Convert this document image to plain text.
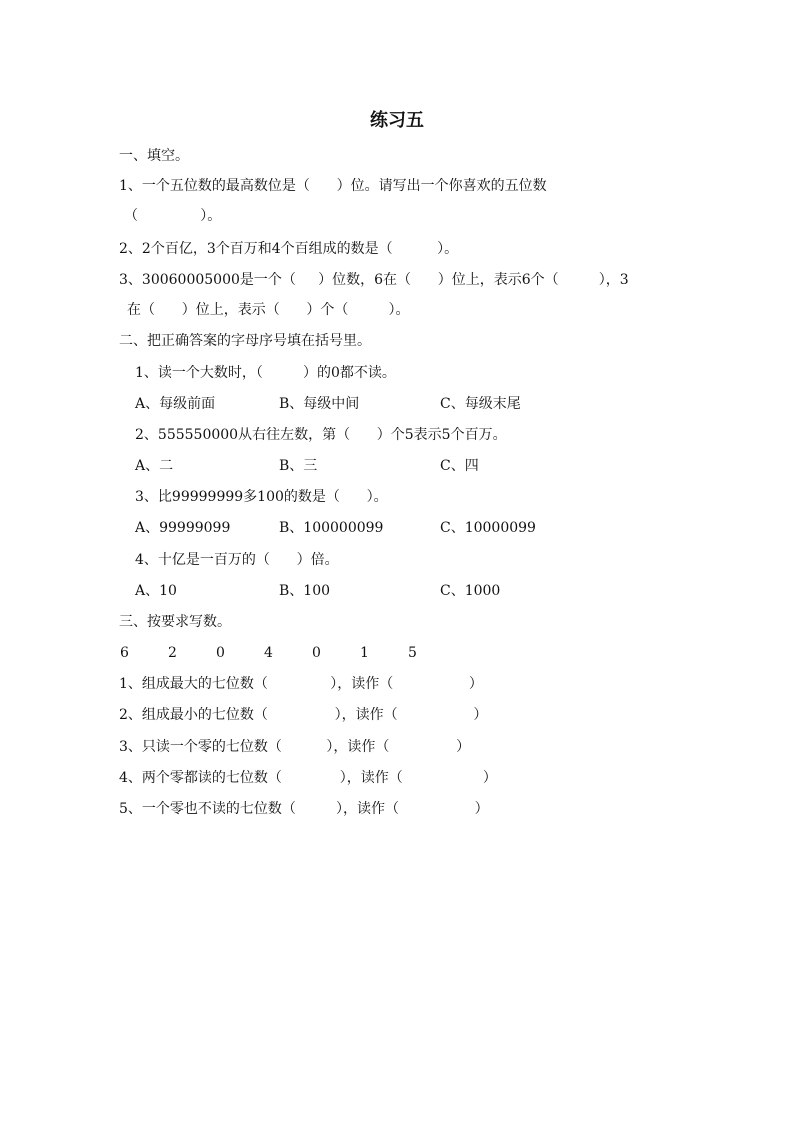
练习五
一、填空。
1、一个五位数的最高数位是（      ）位。请写出一个你喜欢的五位数
（              ）。
2、2个百亿，3个百万和4个百组成的数是（          ）。
3、30060005000是一个（     ）位数，6在（      ）位上，表示6个（         ），3
在（      ）位上，表示（      ）个（         ）。
二、把正确答案的字母序号填在括号里。
1、读一个大数时，（         ）的0都不读。
A、每级前面	B、每级中间	C、每级末尾
2、555550000从右往左数，第（      ）个5表示5个百万。
A、二	B、三	C、四
3、比99999999多100的数是（      ）。
A、99999099	B、100000099	C、10000099
4、十亿是一百万的（      ）倍。
A、10	B、100	C、1000
三、按要求写数。
6	2	0	4	0	1	5
1、组成最大的七位数（              ），读作（                 ）
2、组成最小的七位数（               ），读作（                 ）
3、只读一个零的七位数（          ），读作（               ）
4、两个零都读的七位数（             ），读作（                  ）
5、一个零也不读的七位数（         ），读作（                 ）
